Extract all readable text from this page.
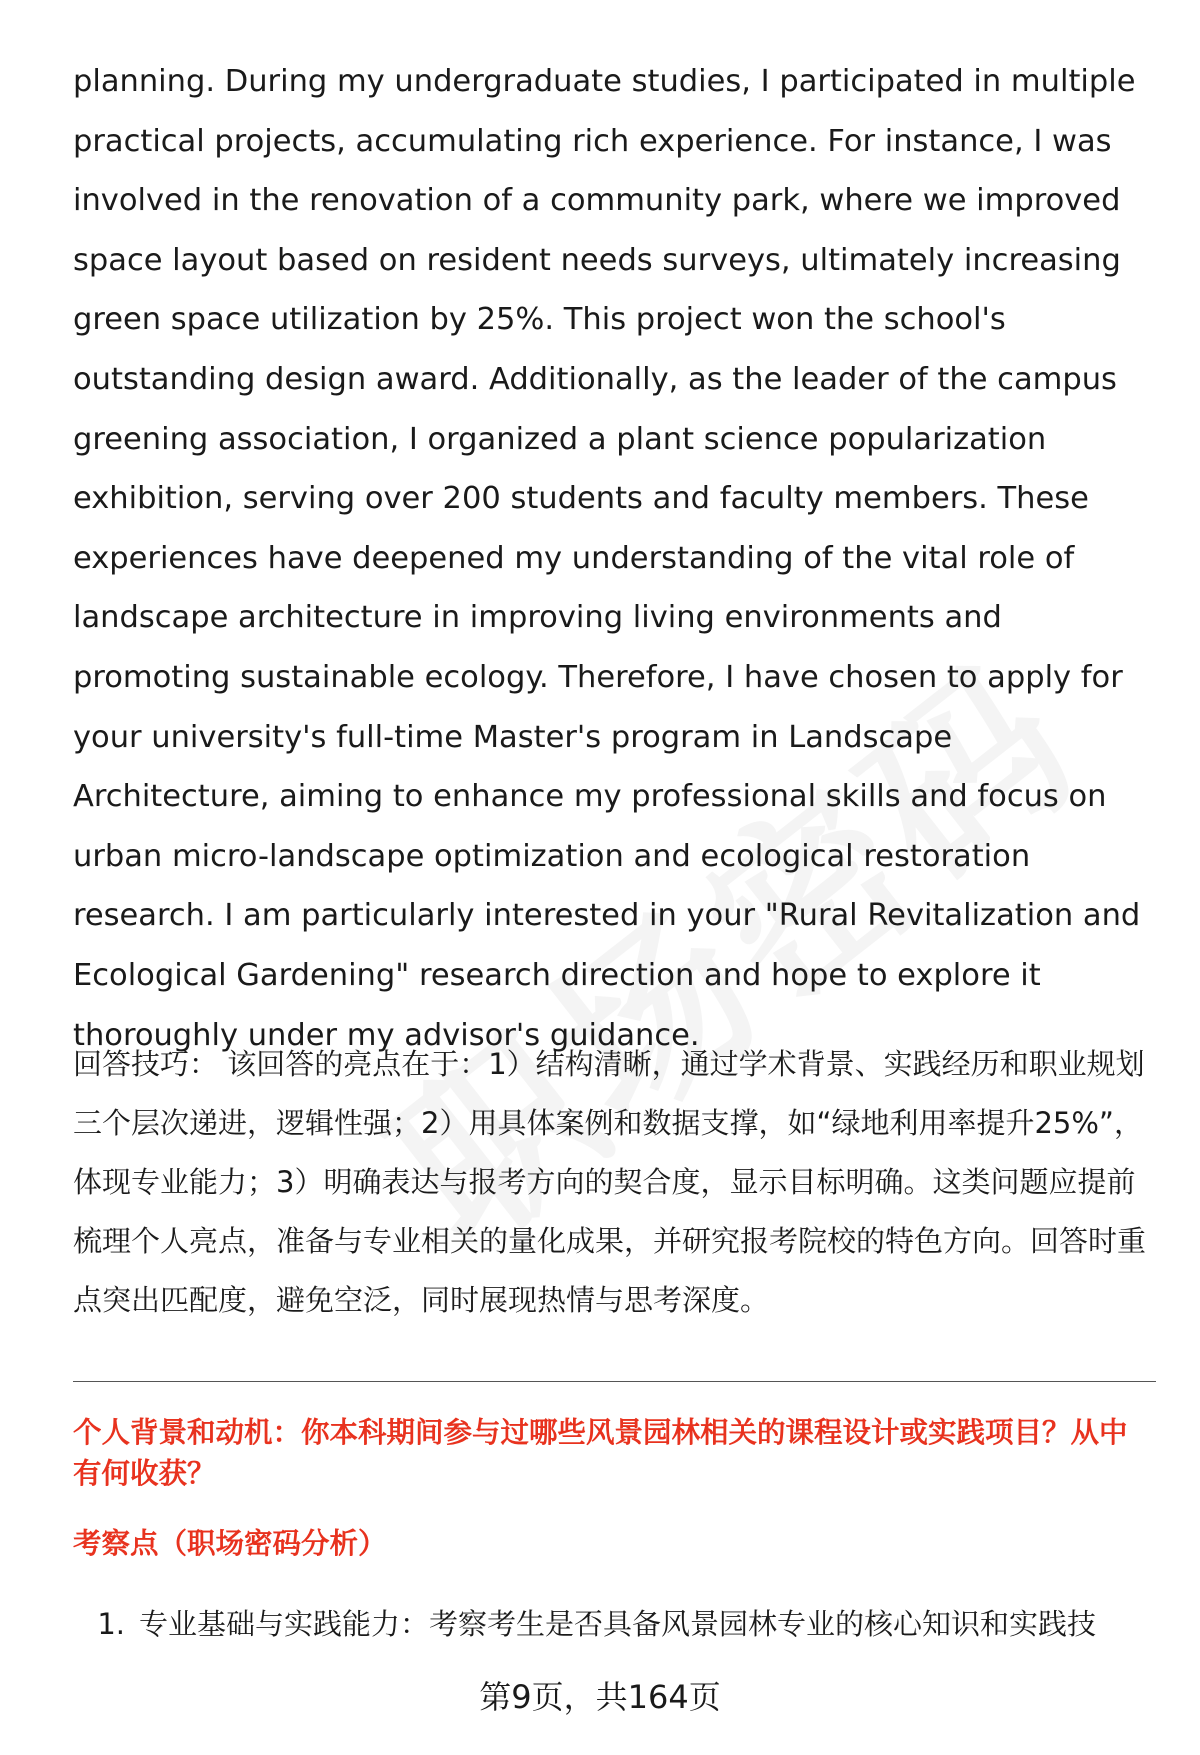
planning. During my undergraduate studies, I participated in multiple practical projects, accumulating rich experience. For instance, I was involved in the renovation of a community park, where we improved space layout based on resident needs surveys, ultimately increasing green space utilization by 25%. This project won the school's outstanding design award. Additionally, as the leader of the campus greening association, I organized a plant science popularization exhibition, serving over 200 students and faculty members. These experiences have deepened my understanding of the vital role of landscape architecture in improving living environments and promoting sustainable ecology. Therefore, I have chosen to apply for your university's full-time Master's program in Landscape Architecture, aiming to enhance my professional skills and focus on urban micro-landscape optimization and ecological restoration research. I am particularly interested in your "Rural Revitalization and Ecological Gardening" research direction and hope to explore it thoroughly under my advisor's guidance.

回答技巧： 该回答的亮点在于：1）结构清晰，通过学术背景、实践经历和职业规划三个层次递进，逻辑性强；2）用具体案例和数据支撑，如“绿地利用率提升25%”，体现专业能力；3）明确表达与报考方向的契合度，显示目标明确。这类问题应提前梳理个人亮点，准备与专业相关的量化成果，并研究报考院校的特色方向。回答时重点突出匹配度，避免空泛，同时展现热情与思考深度。

个人背景和动机：你本科期间参与过哪些风景园林相关的课程设计或实践项目？从中有何收获？
考察点（职场密码分析）
1. 专业基础与实践能力：考察考生是否具备风景园林专业的核心知识和实践技
第9页，共164页
